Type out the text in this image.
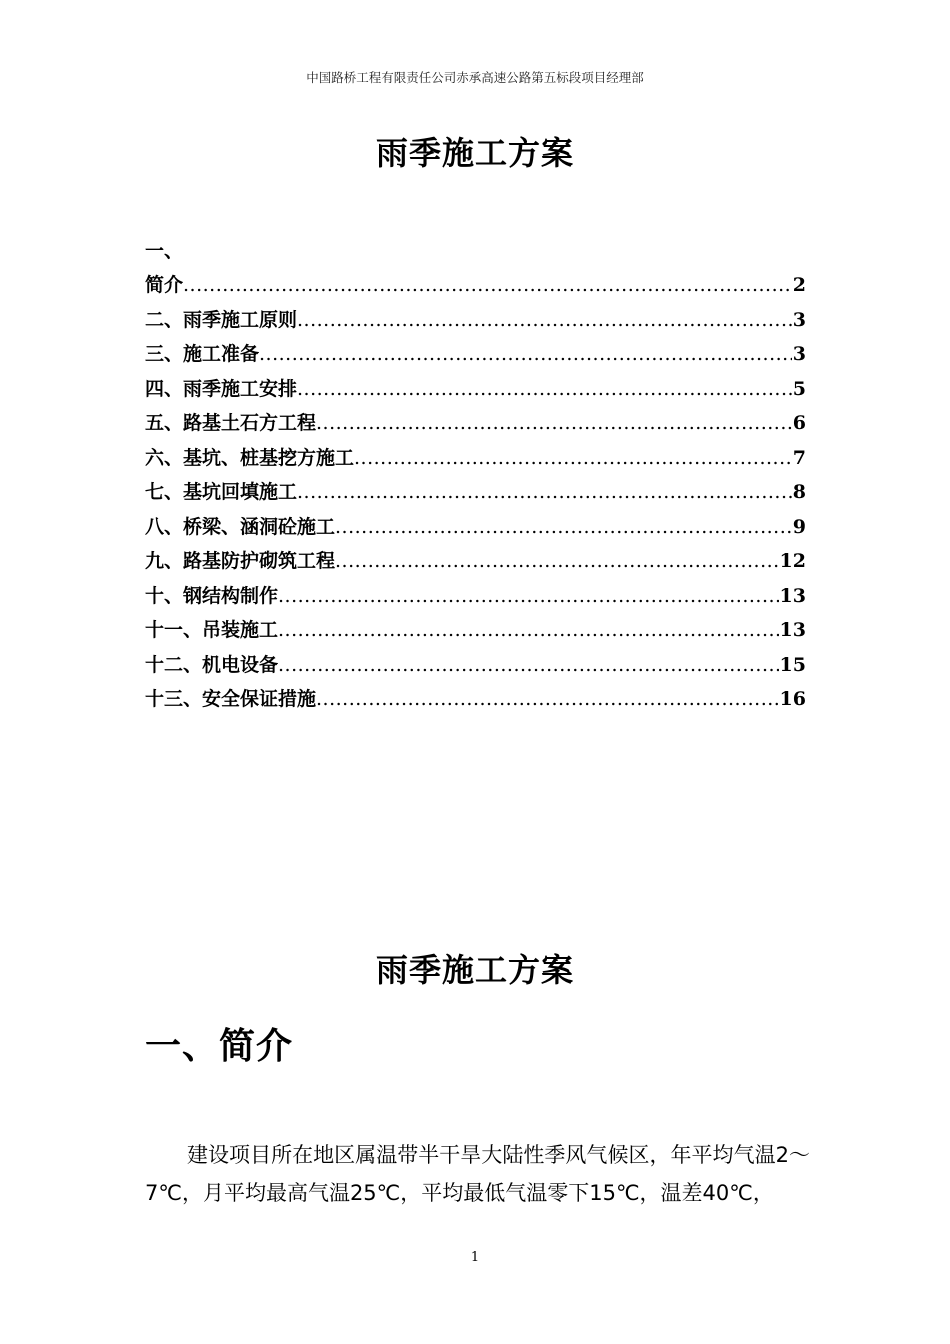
中国路桥工程有限责任公司赤承高速公路第五标段项目经理部
雨季施工方案
一、
简介 .....	2
二、雨季施工原则 .....	3
三、施工准备 .....	3
四、雨季施工安排 .....	5
五、路基土石方工程 .....	6
六、基坑、桩基挖方施工 .....	7
七、基坑回填施工 .....	8
八、桥梁、涵洞砼施工 .....	9
九、路基防护砌筑工程 .....	12
十、钢结构制作 .....	13
十一、吊装施工 .....	13
十二、机电设备 .....	15
十三、安全保证措施 .....	16
雨季施工方案
一、简介

建设项目所在地区属温带半干旱大陆性季风气候区，年平均气温2～7℃，月平均最高气温25℃，平均最低气温零下15℃，温差40℃，

1
